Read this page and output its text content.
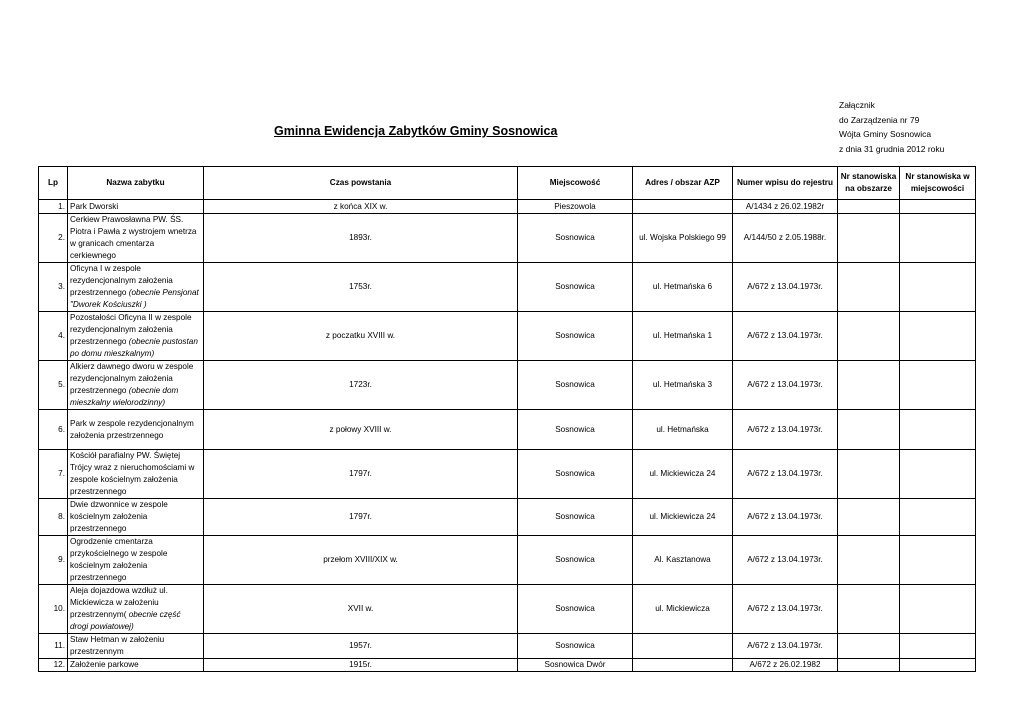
Załącznik
do Zarządzenia nr 79
Wójta Gminy Sosnowica
z dnia 31 grudnia 2012 roku
Gminna Ewidencja Zabytków Gminy Sosnowica
Lp	Nazwa zabytku	Czas powstania	Miejscowość	Adres / obszar AZP	Numer wpisu do rejestru	Nr stanowiska na obszarze	Nr stanowiska w miejscowości
1.	Park Dworski	z końca XIX w.	Pieszowola		A/1434 z 26.02.1982r		
2.	Cerkiew Prawosławna PW. ŚS. Piotra i Pawła z wystrojem wnetrza w granicach cmentarza cerkiewnego	1893r.	Sosnowica	ul. Wojska Polskiego 99	A/144/50 z 2.05.1988r.		
3.	Oficyna I w zespole rezydencjonalnym założenia przestrzennego (obecnie Pensjonat "Dworek Kościuszki )	1753r.	Sosnowica	ul. Hetmańska 6	A/672 z 13.04.1973r.		
4.	Pozostałości Oficyna II w zespole rezydencjonalnym założenia przestrzennego (obecnie pustostan po domu mieszkalnym)	z poczatku XVIII w.	Sosnowica	ul. Hetmańska 1	A/672 z 13.04.1973r.		
5.	Alkierz dawnego dworu w zespole rezydencjonalnym założenia przestrzennego (obecnie dom mieszkalny wielorodzinny)	1723r.	Sosnowica	ul. Hetmańska 3	A/672 z 13.04.1973r.		
6.	Park w zespole rezydencjonalnym założenia przestrzennego	z połowy XVIII w.	Sosnowica	ul. Hetmańska	A/672 z 13.04.1973r.		
7.	Kościół parafialny PW. Świętej Trójcy wraz z nieruchomościami w zespole kościelnym założenia przestrzennego	1797r.	Sosnowica	ul. Mickiewicza 24	A/672 z 13.04.1973r.		
8.	Dwie dzwonnice w zespole kościelnym założenia przestrzennego	1797r.	Sosnowica	ul. Mickiewicza 24	A/672 z 13.04.1973r.		
9.	Ogrodzenie cmentarza przykościelnego w zespole kościelnym założenia przestrzennego	przełom XVIII/XIX w.	Sosnowica	Al. Kasztanowa	A/672 z 13.04.1973r.		
10.	Aleja dojazdowa wzdłuż ul. Mickiewicza w założeniu przestrzennym( obecnie część drogi powiatowej)	XVII w.	Sosnowica	ul. Mickiewicza	A/672 z 13.04.1973r.		
11.	Staw Hetman w założeniu przestrzennym	1957r.	Sosnowica		A/672 z 13.04.1973r.		
12.	Założenie parkowe	1915r.	Sosnowica Dwór		A/672 z 26.02.1982		
